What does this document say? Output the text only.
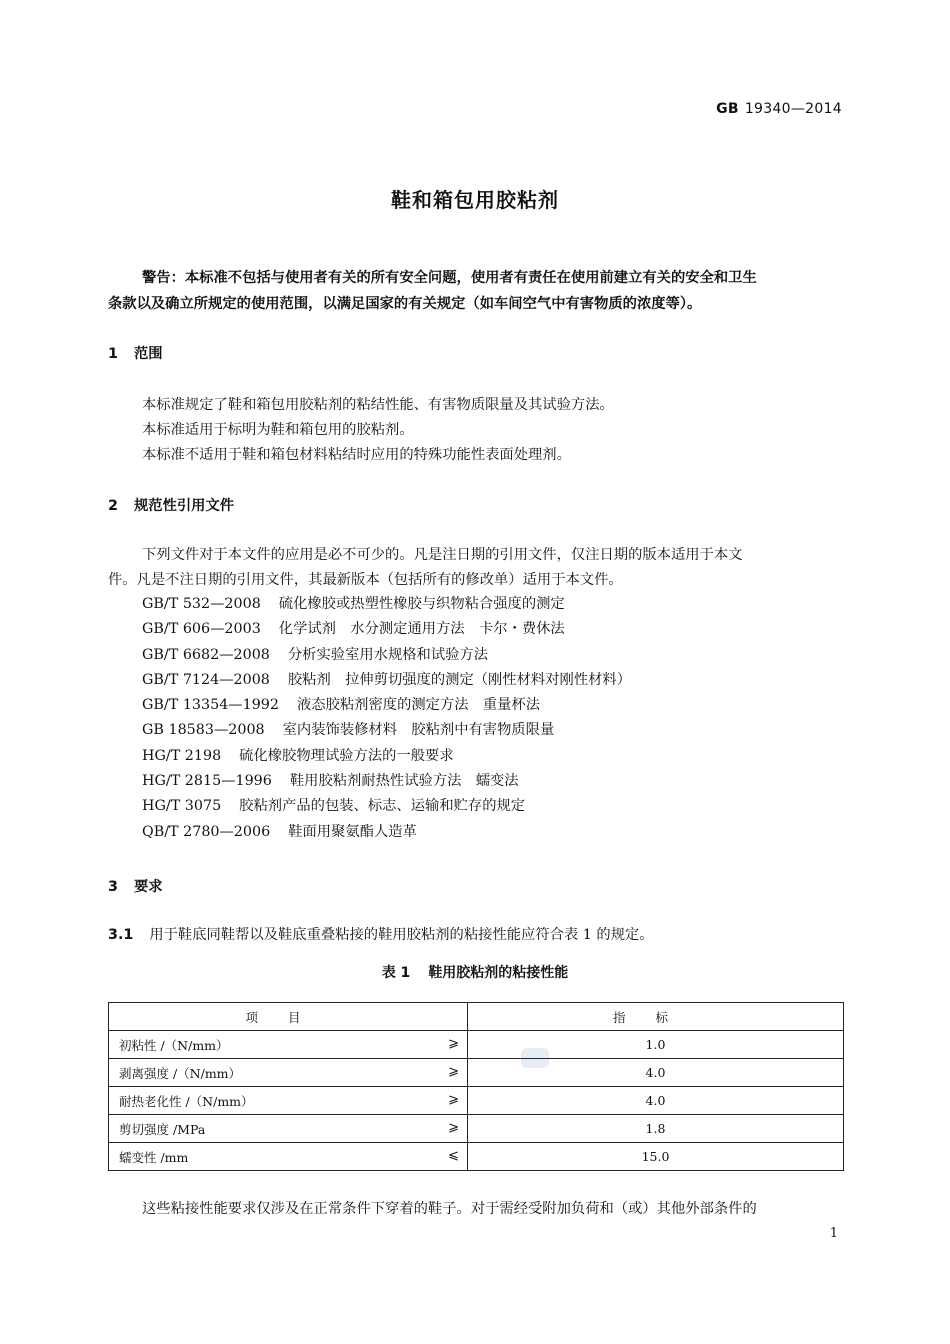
GB 19340—2014
鞋和箱包用胶粘剂
警告：本标准不包括与使用者有关的所有安全问题，使用者有责任在使用前建立有关的安全和卫生
条款以及确立所规定的使用范围，以满足国家的有关规定（如车间空气中有害物质的浓度等）。
1 范围
本标准规定了鞋和箱包用胶粘剂的粘结性能、有害物质限量及其试验方法。
本标准适用于标明为鞋和箱包用的胶粘剂。
本标准不适用于鞋和箱包材料粘结时应用的特殊功能性表面处理剂。
2 规范性引用文件
下列文件对于本文件的应用是必不可少的。凡是注日期的引用文件，仅注日期的版本适用于本文
件。凡是不注日期的引用文件，其最新版本（包括所有的修改单）适用于本文件。
GB/T 532—2008 硫化橡胶或热塑性橡胶与织物粘合强度的测定
GB/T 606—2003 化学试剂　水分测定通用方法　卡尔・费休法
GB/T 6682—2008 分析实验室用水规格和试验方法
GB/T 7124—2008 胶粘剂　拉伸剪切强度的测定（刚性材料对刚性材料）
GB/T 13354—1992 液态胶粘剂密度的测定方法　重量杯法
GB 18583—2008 室内装饰装修材料　胶粘剂中有害物质限量
HG/T 2198 硫化橡胶物理试验方法的一般要求
HG/T 2815—1996 鞋用胶粘剂耐热性试验方法　蠕变法
HG/T 3075 胶粘剂产品的包装、标志、运输和贮存的规定
QB/T 2780—2006 鞋面用聚氨酯人造革
3 要求
3.1 用于鞋底同鞋帮以及鞋底重叠粘接的鞋用胶粘剂的粘接性能应符合表 1 的规定。
表 1 鞋用胶粘剂的粘接性能
项目	指标
初粘性 /（N/mm） ⩾	1.0
剥离强度 /（N/mm） ⩾	4.0
耐热老化性 /（N/mm） ⩾	4.0
剪切强度 /MPa ⩾	1.8
蠕变性 /mm ⩽	15.0
这些粘接性能要求仅涉及在正常条件下穿着的鞋子。对于需经受附加负荷和（或）其他外部条件的
1
